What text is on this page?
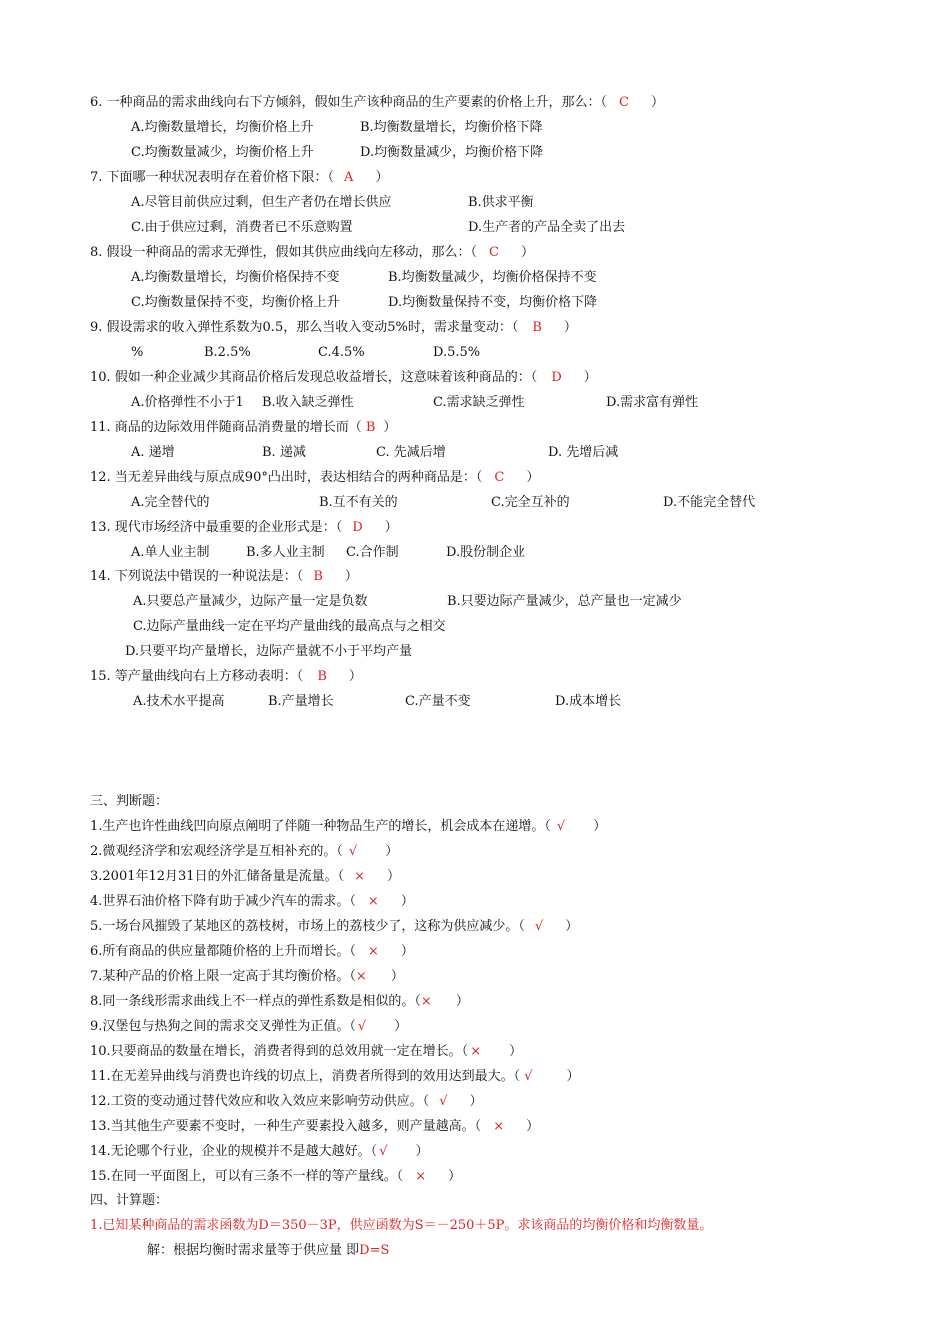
6. 一种商品的需求曲线向右下方倾斜，假如生产该种商品的生产要素的价格上升，那么：（ C ）
A.均衡数量增长，均衡价格上升	B.均衡数量增长，均衡价格下降
C.均衡数量减少，均衡价格上升	D.均衡数量减少，均衡价格下降
7. 下面哪一种状况表明存在着价格下限：（ A ）
A.尽管目前供应过剩，但生产者仍在增长供应	B.供求平衡
C.由于供应过剩，消费者已不乐意购置	D.生产者的产品全卖了出去
8. 假设一种商品的需求无弹性，假如其供应曲线向左移动，那么：（ C ）
A.均衡数量增长，均衡价格保持不变	B.均衡数量减少，均衡价格保持不变
C.均衡数量保持不变，均衡价格上升	D.均衡数量保持不变，均衡价格下降
9. 假设需求的收入弹性系数为0.5，那么当收入变动5%时，需求量变动：（ B ）
%	B.2.5%	C.4.5%	D.5.5%
10. 假如一种企业减少其商品价格后发现总收益增长，这意味着该种商品的：（ D ）
A.价格弹性不小于1 B.收入缺乏弹性	C.需求缺乏弹性	D.需求富有弹性
11. 商品的边际效用伴随商品消费量的增长而（ B ）
A. 递增	B. 递减	C. 先减后增	D. 先增后减
12. 当无差异曲线与原点成90°凸出时，表达相结合的两种商品是：（ C ）
A.完全替代的	B.互不有关的	C.完全互补的	D.不能完全替代
13. 现代市场经济中最重要的企业形式是：（ D ）
A.单人业主制	B.多人业主制 C.合作制	D.股份制企业
14. 下列说法中错误的一种说法是：（ B ）
A.只要总产量减少，边际产量一定是负数	B.只要边际产量减少，总产量也一定减少
C.边际产量曲线一定在平均产量曲线的最高点与之相交
D.只要平均产量增长，边际产量就不小于平均产量
15. 等产量曲线向右上方移动表明：（ B ）
A.技术水平提高	B.产量增长	C.产量不变	D.成本增长
三、判断题：
1.生产也许性曲线凹向原点阐明了伴随一种物品生产的增长，机会成本在递增。（ √ ）
2.微观经济学和宏观经济学是互相补充的。（ √ ）
3.2001年12月31日的外汇储备量是流量。（ × ）
4.世界石油价格下降有助于减少汽车的需求。（ × ）
5.一场台风摧毁了某地区的荔枝树，市场上的荔枝少了，这称为供应减少。（ √ ）
6.所有商品的供应量都随价格的上升而增长。（ × ）
7.某种产品的价格上限一定高于其均衡价格。（× ）
8.同一条线形需求曲线上不一样点的弹性系数是相似的。（× ）
9.汉堡包与热狗之间的需求交叉弹性为正值。（ √ ）
10.只要商品的数量在增长，消费者得到的总效用就一定在增长。（ × ）
11.在无差异曲线与消费也许线的切点上，消费者所得到的效用达到最大。（ √	）
12.工资的变动通过替代效应和收入效应来影响劳动供应。（ √ ）
13.当其他生产要素不变时，一种生产要素投入越多，则产量越高。（ × ）
14.无论哪个行业，企业的规模并不是越大越好。（ √ ）
15.在同一平面图上，可以有三条不一样的等产量线。（ × ）
四、计算题：
1.已知某种商品的需求函数为D＝350－3P，供应函数为S＝－250＋5P。求该商品的均衡价格和均衡数量。
解：根据均衡时需求量等于供应量 即D=S
